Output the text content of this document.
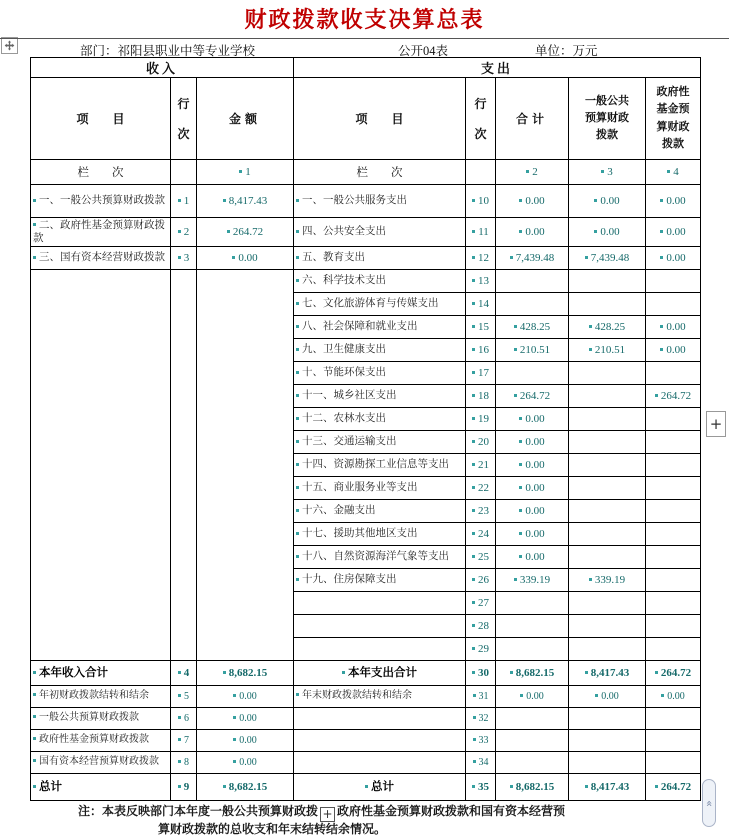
财政拨款收支决算总表
部门：祁阳县职业中等专业学校	公开04表	单位：万元
收入			支出				
项　　目	行次	金额	项　　目	行次	合计	一般公共预算财政拨款	政府性基金预算财政拨款
栏　　次		1	栏　　次		2	3	4
一、一般公共预算财政拨款	1	8,417.43	一、一般公共服务支出	10	0.00	0.00	0.00
二、政府性基金预算财政拨款	2	264.72	四、公共安全支出	11	0.00	0.00	0.00
三、国有资本经营财政拨款	3	0.00	五、教育支出	12	7,439.48	7,439.48	0.00
			六、科学技术支出	13			
			七、文化旅游体育与传媒支出	14			
			八、社会保障和就业支出	15	428.25	428.25	0.00
			九、卫生健康支出	16	210.51	210.51	0.00
			十、节能环保支出	17			
			十一、城乡社区支出	18	264.72		264.72
			十二、农林水支出	19	0.00		
			十三、交通运输支出	20	0.00		
			十四、资源勘探工业信息等支出	21	0.00		
			十五、商业服务业等支出	22	0.00		
			十六、金融支出	23	0.00		
			十七、援助其他地区支出	24	0.00		
			十八、自然资源海洋气象等支出	25	0.00		
			十九、住房保障支出	26	339.19	339.19	
				27			
				28			
				29			
本年收入合计	4	8,682.15	本年支出合计	30	8,682.15	8,417.43	264.72
年初财政拨款结转和结余	5	0.00	年末财政拨款结转和结余	31	0.00	0.00	0.00
一般公共预算财政拨款	6	0.00		32			
政府性基金预算财政拨款	7	0.00		33			
国有资本经营预算财政拨款	8	0.00		34			
总计	9	8,682.15	总计	35	8,682.15	8,417.43	264.72
注：本表反映部门本年度一般公共预算财政拨 + 政府性基金预算财政拨款和国有资本经营预
算财政拨款的总收支和年末结转结余情况。
+
«
